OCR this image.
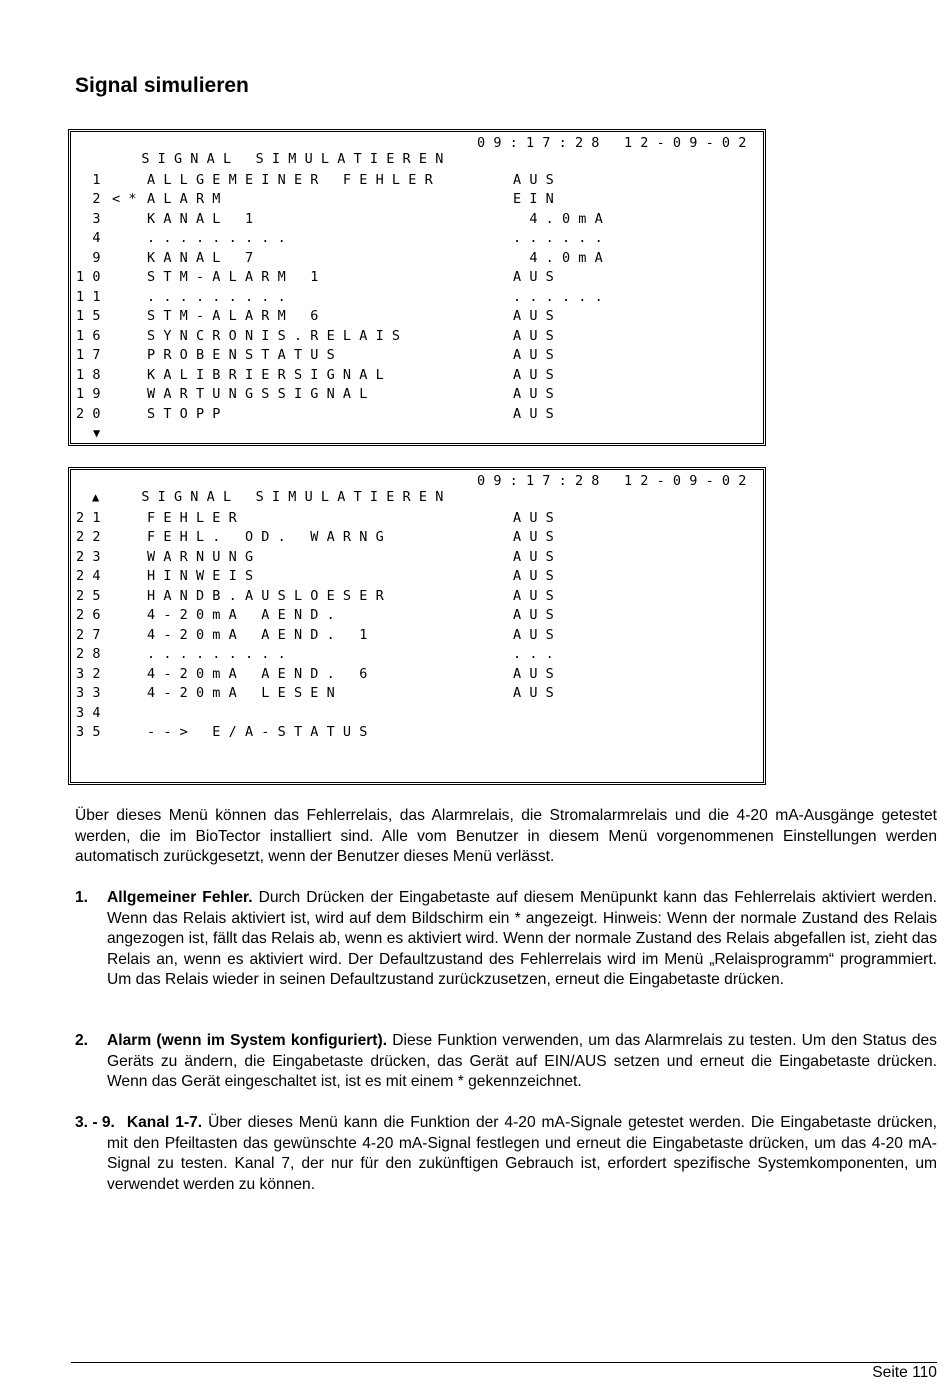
Signal simulieren

SIGNAL SIMULATIEREN

09:17:28 12-09-02

1	ALLGEMEINER FEHLER	AUS
2 <* ALARM	EIN
3	KANAL 1	4.0mA
4	.........	......
9	KANAL 7	4.0mA
10	STM-ALARM 1	AUS
11	.........	......
15	STM-ALARM 6	AUS
16	SYNCRONIS.RELAIS	AUS
17	PROBENSTATUS	AUS
18	KALIBRIERSIGNAL	AUS
19	WARTUNGSSIGNAL	AUS
20	STOPP	AUS
▼

SIGNAL SIMULATIEREN

09:17:28 12-09-02

▲
21	FEHLER	AUS
22	FEHL. OD. WARNG	AUS
23	WARNUNG	AUS
24	HINWEIS	AUS
25	HANDB.AUSLOESER	AUS
26	4-20mA AEND.	AUS
27	4-20mA AEND. 1	AUS
28	.........	...
32	4-20mA AEND. 6	AUS
33	4-20mA LESEN	AUS
34
35	--> E/A-STATUS
Über dieses Menü können das Fehlerrelais, das Alarmrelais, die Stromalarmrelais und die 4-20 mA-Ausgänge getestet werden, die im BioTector installiert sind. Alle vom Benutzer in diesem Menü vorgenommenen Einstellungen werden automatisch zurückgesetzt, wenn der Benutzer dieses Menü verlässt.
1. Allgemeiner Fehler. Durch Drücken der Eingabetaste auf diesem Menüpunkt kann das Fehlerrelais aktiviert werden. Wenn das Relais aktiviert ist, wird auf dem Bildschirm ein * angezeigt. Hinweis: Wenn der normale Zustand des Relais angezogen ist, fällt das Relais ab, wenn es aktiviert wird. Wenn der normale Zustand des Relais abgefallen ist, zieht das Relais an, wenn es aktiviert wird. Der Defaultzustand des Fehlerrelais wird im Menü „Relaisprogramm“ programmiert. Um das Relais wieder in seinen Defaultzustand zurückzusetzen, erneut die Eingabetaste drücken.
2. Alarm (wenn im System konfiguriert). Diese Funktion verwenden, um das Alarmrelais zu testen. Um den Status des Geräts zu ändern, die Eingabetaste drücken, das Gerät auf EIN/AUS setzen und erneut die Eingabetaste drücken. Wenn das Gerät eingeschaltet ist, ist es mit einem * gekennzeichnet.
3. - 9. Kanal 1-7. Über dieses Menü kann die Funktion der 4-20 mA-Signale getestet werden. Die Eingabetaste drücken, mit den Pfeiltasten das gewünschte 4-20 mA-Signal festlegen und erneut die Eingabetaste drücken, um das 4-20 mA-Signal zu testen. Kanal 7, der nur für den zukünftigen Gebrauch ist, erfordert spezifische Systemkomponenten, um verwendet werden zu können.
Seite 110
